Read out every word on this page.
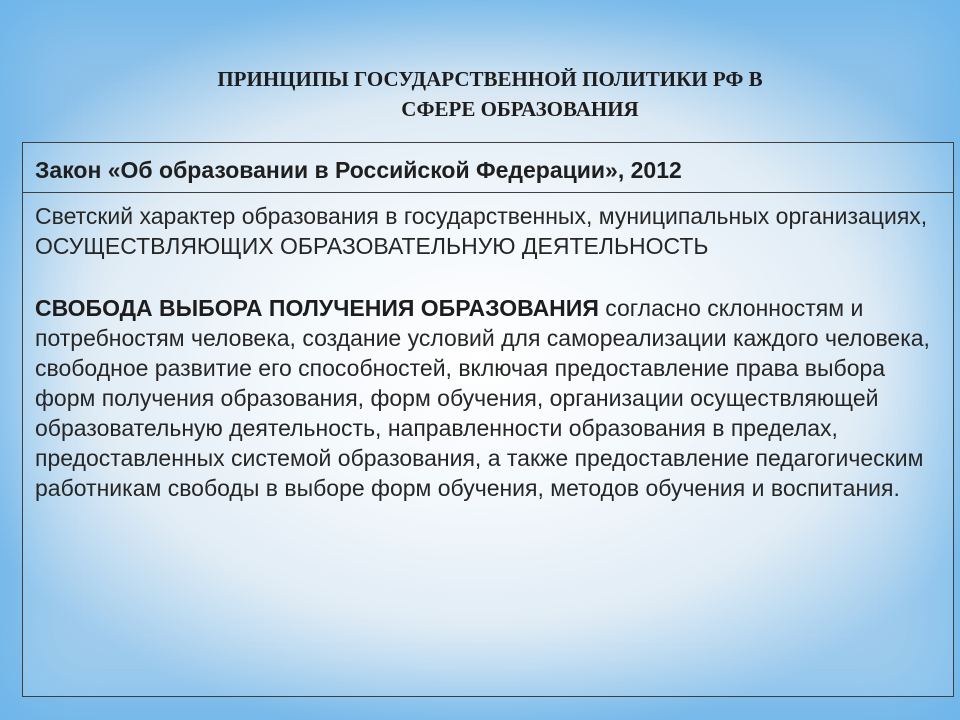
ПРИНЦИПЫ ГОСУДАРСТВЕННОЙ ПОЛИТИКИ РФ В
СФЕРЕ ОБРАЗОВАНИЯ
Закон «Об образовании в Российской Федерации», 2012

Светский характер образования в государственных, муниципальных организациях, ОСУЩЕСТВЛЯЮЩИХ ОБРАЗОВАТЕЛЬНУЮ ДЕЯТЕЛЬНОСТЬ

СВОБОДА ВЫБОРА ПОЛУЧЕНИЯ ОБРАЗОВАНИЯ согласно склонностям и потребностям человека, создание условий для самореализации каждого человека, свободное развитие его способностей, включая предоставление права выбора форм получения образования, форм обучения, организации осуществляющей образовательную деятельность, направленности образования в пределах, предоставленных системой образования, а также предоставление педагогическим работникам свободы в выборе форм обучения, методов обучения и воспитания.
